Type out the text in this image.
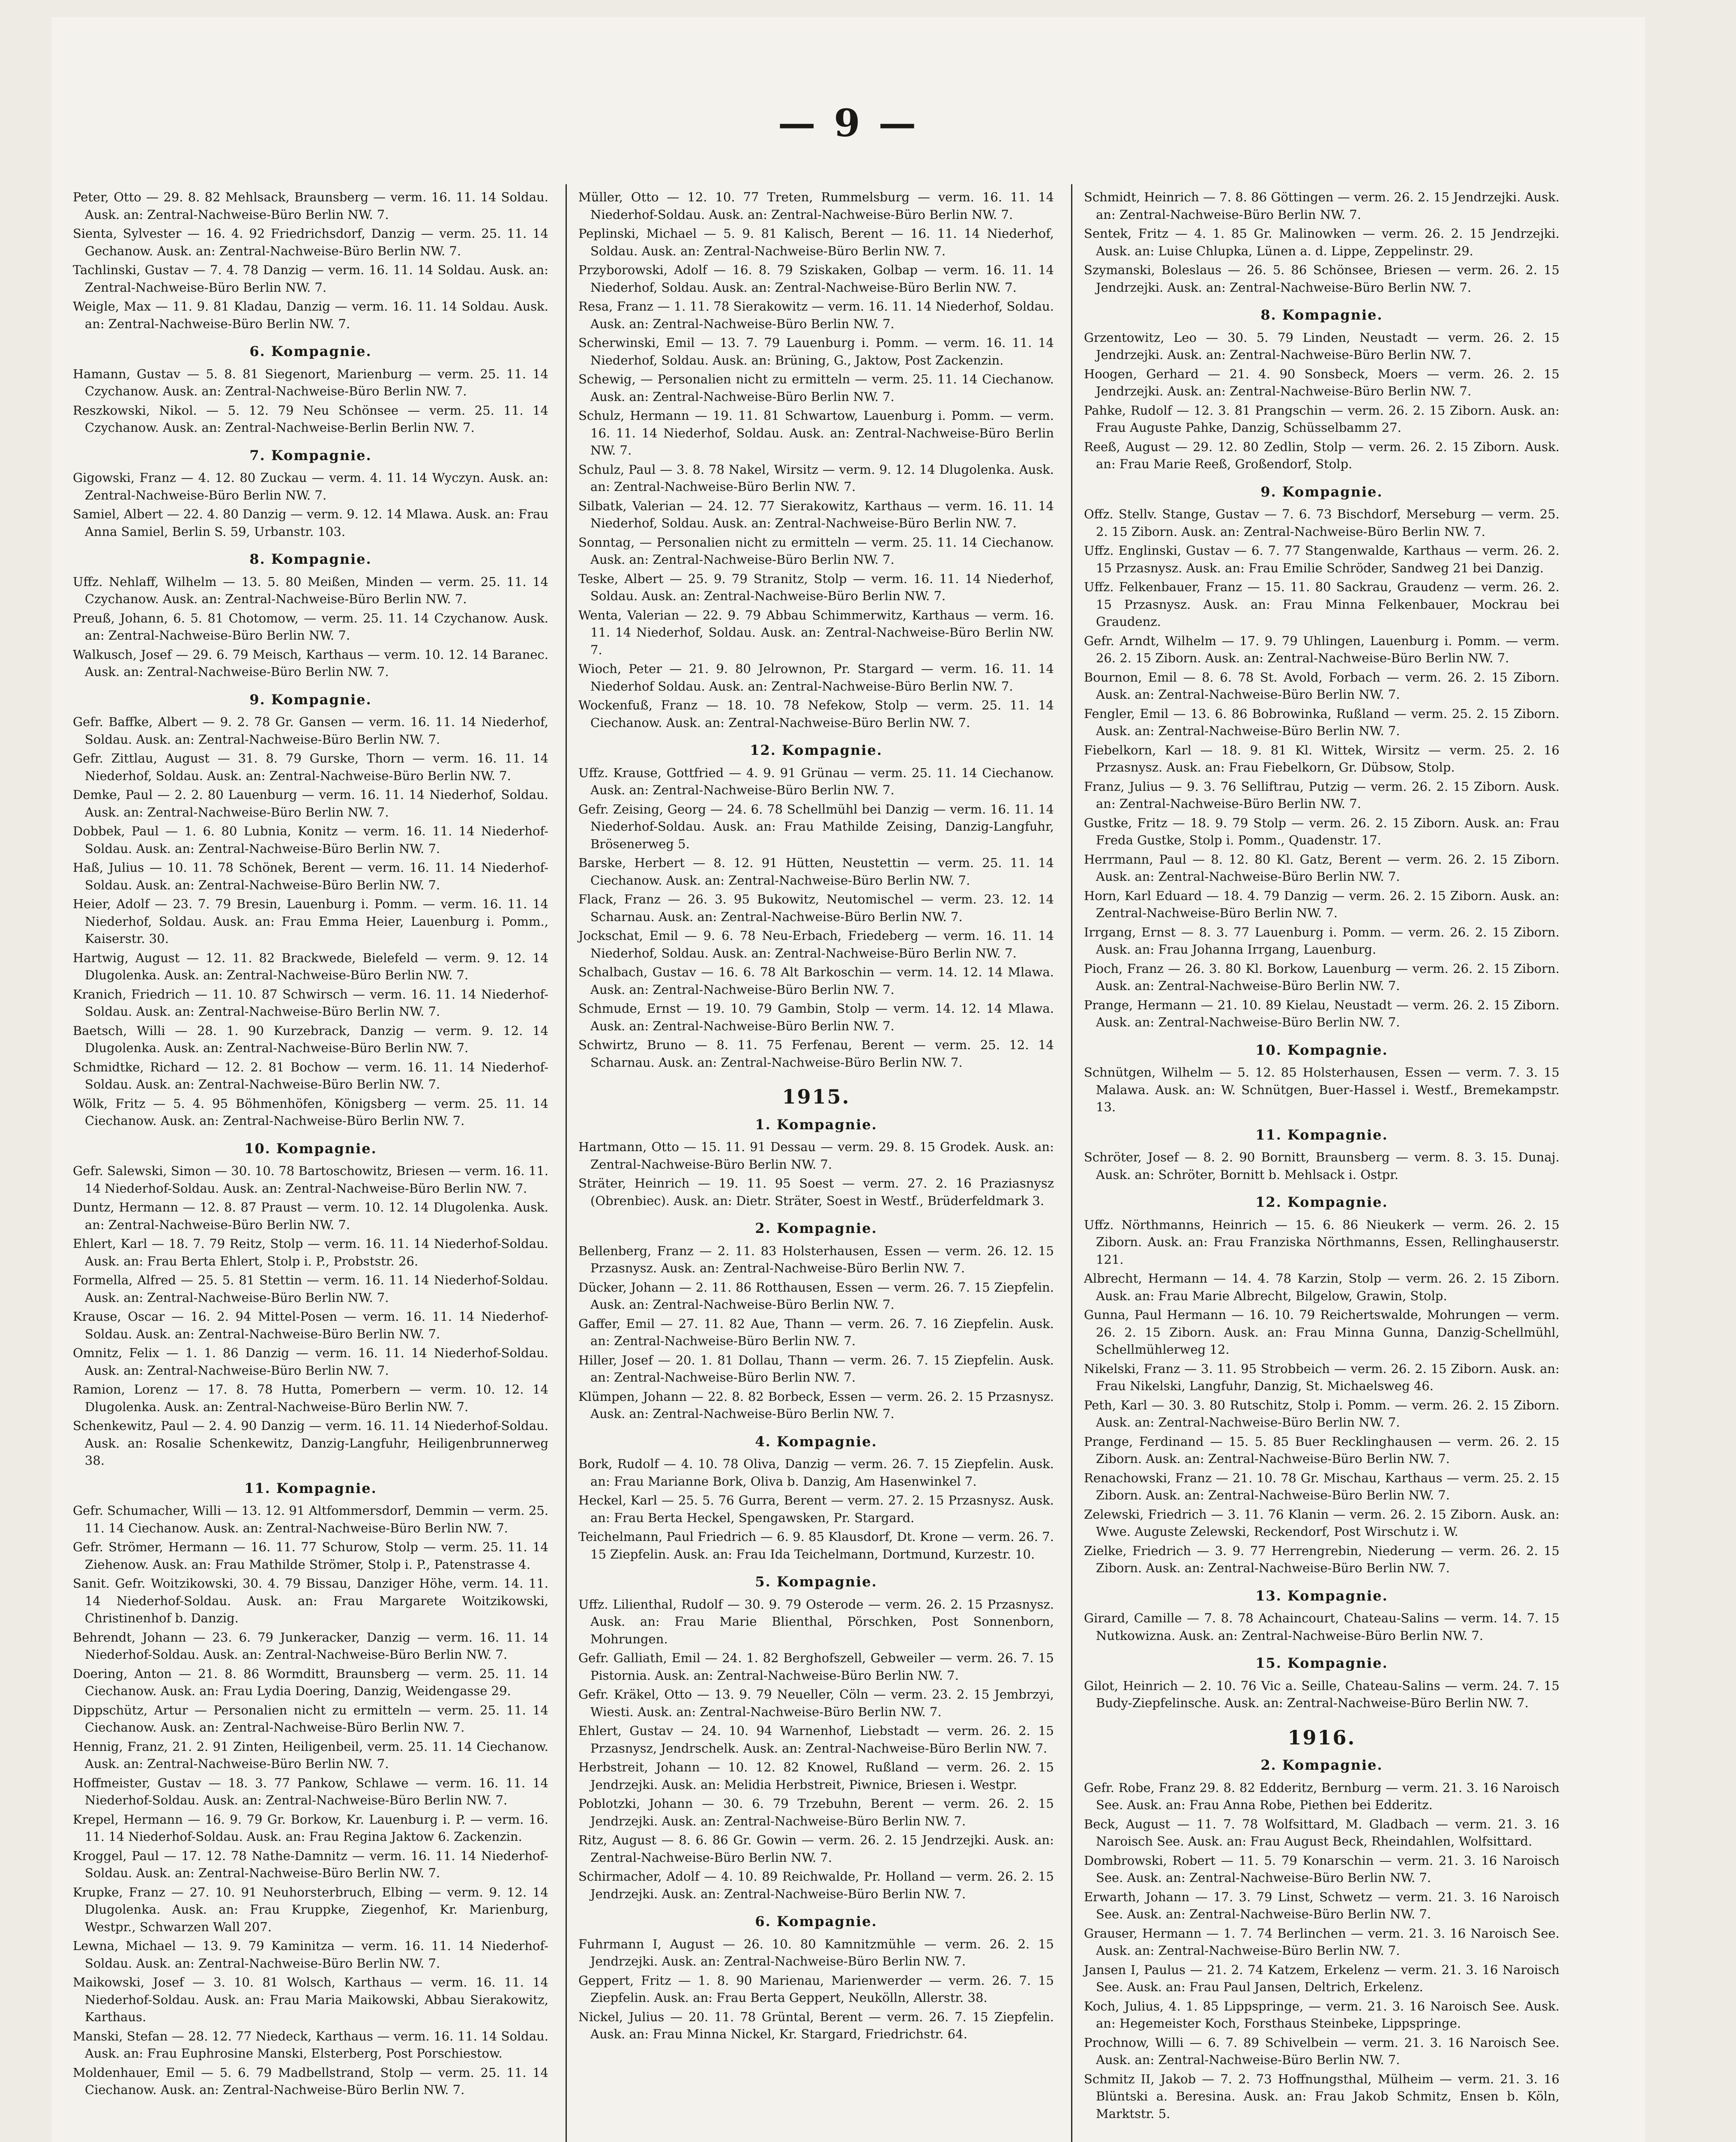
— 9 —
Peter, Otto — 29. 8. 82 Mehlsack, Braunsberg — verm. 16. 11. 14 Soldau. Ausk. an: Zentral-Nachweise-Büro Berlin NW. 7.
Sienta, Sylvester — 16. 4. 92 Friedrichsdorf, Danzig — verm. 25. 11. 14 Gechanow. Ausk. an: Zentral-Nachweise-Büro Berlin NW. 7.
Tachlinski, Gustav — 7. 4. 78 Danzig — verm. 16. 11. 14 Soldau. Ausk. an: Zentral-Nachweise-Büro Berlin NW. 7.
Weigle, Max — 11. 9. 81 Kladau, Danzig — verm. 16. 11. 14 Soldau. Ausk. an: Zentral-Nachweise-Büro Berlin NW. 7.
6. Kompagnie.
Hamann, Gustav — 5. 8. 81 Siegenort, Marienburg — verm. 25. 11. 14 Czychanow. Ausk. an: Zentral-Nachweise-Büro Berlin NW. 7.
Reszkowski, Nikol. — 5. 12. 79 Neu Schönsee — verm. 25. 11. 14 Czychanow. Ausk. an: Zentral-Nachweise-Berlin Berlin NW. 7.
7. Kompagnie.
Gigowski, Franz — 4. 12. 80 Zuckau — verm. 4. 11. 14 Wyczyn. Ausk. an: Zentral-Nachweise-Büro Berlin NW. 7.
Samiel, Albert — 22. 4. 80 Danzig — verm. 9. 12. 14 Mlawa. Ausk. an: Frau Anna Samiel, Berlin S. 59, Urbanstr. 103.
8. Kompagnie.
Uffz. Nehlaff, Wilhelm — 13. 5. 80 Meißen, Minden — verm. 25. 11. 14 Czychanow. Ausk. an: Zentral-Nachweise-Büro Berlin NW. 7.
Preuß, Johann, 6. 5. 81 Chotomow, — verm. 25. 11. 14 Czychanow. Ausk. an: Zentral-Nachweise-Büro Berlin NW. 7.
Walkusch, Josef — 29. 6. 79 Meisch, Karthaus — verm. 10. 12. 14 Baranec. Ausk. an: Zentral-Nachweise-Büro Berlin NW. 7.
9. Kompagnie.
Gefr. Baffke, Albert — 9. 2. 78 Gr. Gansen — verm. 16. 11. 14 Niederhof, Soldau. Ausk. an: Zentral-Nachweise-Büro Berlin NW. 7.
Gefr. Zittlau, August — 31. 8. 79 Gurske, Thorn — verm. 16. 11. 14 Niederhof, Soldau. Ausk. an: Zentral-Nachweise-Büro Berlin NW. 7.
Demke, Paul — 2. 2. 80 Lauenburg — verm. 16. 11. 14 Niederhof, Soldau. Ausk. an: Zentral-Nachweise-Büro Berlin NW. 7.
Dobbek, Paul — 1. 6. 80 Lubnia, Konitz — verm. 16. 11. 14 Niederhof-Soldau. Ausk. an: Zentral-Nachweise-Büro Berlin NW. 7.
Haß, Julius — 10. 11. 78 Schönek, Berent — verm. 16. 11. 14 Niederhof-Soldau. Ausk. an: Zentral-Nachweise-Büro Berlin NW. 7.
Heier, Adolf — 23. 7. 79 Bresin, Lauenburg i. Pomm. — verm. 16. 11. 14 Niederhof, Soldau. Ausk. an: Frau Emma Heier, Lauenburg i. Pomm., Kaiserstr. 30.
Hartwig, August — 12. 11. 82 Brackwede, Bielefeld — verm. 9. 12. 14 Dlugolenka. Ausk. an: Zentral-Nachweise-Büro Berlin NW. 7.
Kranich, Friedrich — 11. 10. 87 Schwirsch — verm. 16. 11. 14 Niederhof-Soldau. Ausk. an: Zentral-Nachweise-Büro Berlin NW. 7.
Baetsch, Willi — 28. 1. 90 Kurzebrack, Danzig — verm. 9. 12. 14 Dlugolenka. Ausk. an: Zentral-Nachweise-Büro Berlin NW. 7.
Schmidtke, Richard — 12. 2. 81 Bochow — verm. 16. 11. 14 Niederhof-Soldau. Ausk. an: Zentral-Nachweise-Büro Berlin NW. 7.
Wölk, Fritz — 5. 4. 95 Böhmenhöfen, Königsberg — verm. 25. 11. 14 Ciechanow. Ausk. an: Zentral-Nachweise-Büro Berlin NW. 7.
10. Kompagnie.
Gefr. Salewski, Simon — 30. 10. 78 Bartoschowitz, Briesen — verm. 16. 11. 14 Niederhof-Soldau. Ausk. an: Zentral-Nachweise-Büro Berlin NW. 7.
Duntz, Hermann — 12. 8. 87 Praust — verm. 10. 12. 14 Dlugolenka. Ausk. an: Zentral-Nachweise-Büro Berlin NW. 7.
Ehlert, Karl — 18. 7. 79 Reitz, Stolp — verm. 16. 11. 14 Niederhof-Soldau. Ausk. an: Frau Berta Ehlert, Stolp i. P., Probststr. 26.
Formella, Alfred — 25. 5. 81 Stettin — verm. 16. 11. 14 Niederhof-Soldau. Ausk. an: Zentral-Nachweise-Büro Berlin NW. 7.
Krause, Oscar — 16. 2. 94 Mittel-Posen — verm. 16. 11. 14 Niederhof-Soldau. Ausk. an: Zentral-Nachweise-Büro Berlin NW. 7.
Omnitz, Felix — 1. 1. 86 Danzig — verm. 16. 11. 14 Niederhof-Soldau. Ausk. an: Zentral-Nachweise-Büro Berlin NW. 7.
Ramion, Lorenz — 17. 8. 78 Hutta, Pomerbern — verm. 10. 12. 14 Dlugolenka. Ausk. an: Zentral-Nachweise-Büro Berlin NW. 7.
Schenkewitz, Paul — 2. 4. 90 Danzig — verm. 16. 11. 14 Niederhof-Soldau. Ausk. an: Rosalie Schenkewitz, Danzig-Langfuhr, Heiligenbrunnerweg 38.
11. Kompagnie.
Gefr. Schumacher, Willi — 13. 12. 91 Altfommersdorf, Demmin — verm. 25. 11. 14 Ciechanow. Ausk. an: Zentral-Nachweise-Büro Berlin NW. 7.
Gefr. Strömer, Hermann — 16. 11. 77 Schurow, Stolp — verm. 25. 11. 14 Ziehenow. Ausk. an: Frau Mathilde Strömer, Stolp i. P., Patenstrasse 4.
Sanit. Gefr. Woitzikowski, 30. 4. 79 Bissau, Danziger Höhe, verm. 14. 11. 14 Niederhof-Soldau. Ausk. an: Frau Margarete Woitzikowski, Christinenhof b. Danzig.
Behrendt, Johann — 23. 6. 79 Junkeracker, Danzig — verm. 16. 11. 14 Niederhof-Soldau. Ausk. an: Zentral-Nachweise-Büro Berlin NW. 7.
Doering, Anton — 21. 8. 86 Wormditt, Braunsberg — verm. 25. 11. 14 Ciechanow. Ausk. an: Frau Lydia Doering, Danzig, Weidengasse 29.
Dippschütz, Artur — Personalien nicht zu ermitteln — verm. 25. 11. 14 Ciechanow. Ausk. an: Zentral-Nachweise-Büro Berlin NW. 7.
Hennig, Franz, 21. 2. 91 Zinten, Heiligenbeil, verm. 25. 11. 14 Ciechanow. Ausk. an: Zentral-Nachweise-Büro Berlin NW. 7.
Hoffmeister, Gustav — 18. 3. 77 Pankow, Schlawe — verm. 16. 11. 14 Niederhof-Soldau. Ausk. an: Zentral-Nachweise-Büro Berlin NW. 7.
Krepel, Hermann — 16. 9. 79 Gr. Borkow, Kr. Lauenburg i. P. — verm. 16. 11. 14 Niederhof-Soldau. Ausk. an: Frau Regina Jaktow 6. Zackenzin.
Kroggel, Paul — 17. 12. 78 Nathe-Damnitz — verm. 16. 11. 14 Niederhof-Soldau. Ausk. an: Zentral-Nachweise-Büro Berlin NW. 7.
Krupke, Franz — 27. 10. 91 Neuhorsterbruch, Elbing — verm. 9. 12. 14 Dlugolenka. Ausk. an: Frau Kruppke, Ziegenhof, Kr. Marienburg, Westpr., Schwarzen Wall 207.
Lewna, Michael — 13. 9. 79 Kaminitza — verm. 16. 11. 14 Niederhof-Soldau. Ausk. an: Zentral-Nachweise-Büro Berlin NW. 7.
Maikowski, Josef — 3. 10. 81 Wolsch, Karthaus — verm. 16. 11. 14 Niederhof-Soldau. Ausk. an: Frau Maria Maikowski, Abbau Sierakowitz, Karthaus.
Manski, Stefan — 28. 12. 77 Niedeck, Karthaus — verm. 16. 11. 14 Soldau. Ausk. an: Frau Euphrosine Manski, Elsterberg, Post Porschiestow.
Moldenhauer, Emil — 5. 6. 79 Madbellstrand, Stolp — verm. 25. 11. 14 Ciechanow. Ausk. an: Zentral-Nachweise-Büro Berlin NW. 7.
Müller, Otto — 12. 10. 77 Treten, Rummelsburg — verm. 16. 11. 14 Niederhof-Soldau. Ausk. an: Zentral-Nachweise-Büro Berlin NW. 7.
Peplinski, Michael — 5. 9. 81 Kalisch, Berent — 16. 11. 14 Niederhof, Soldau. Ausk. an: Zentral-Nachweise-Büro Berlin NW. 7.
Przyborowski, Adolf — 16. 8. 79 Sziskaken, Golbap — verm. 16. 11. 14 Niederhof, Soldau. Ausk. an: Zentral-Nachweise-Büro Berlin NW. 7.
Resa, Franz — 1. 11. 78 Sierakowitz — verm. 16. 11. 14 Niederhof, Soldau. Ausk. an: Zentral-Nachweise-Büro Berlin NW. 7.
Scherwinski, Emil — 13. 7. 79 Lauenburg i. Pomm. — verm. 16. 11. 14 Niederhof, Soldau. Ausk. an: Brüning, G., Jaktow, Post Zackenzin.
Schewig, — Personalien nicht zu ermitteln — verm. 25. 11. 14 Ciechanow. Ausk. an: Zentral-Nachweise-Büro Berlin NW. 7.
Schulz, Hermann — 19. 11. 81 Schwartow, Lauenburg i. Pomm. — verm. 16. 11. 14 Niederhof, Soldau. Ausk. an: Zentral-Nachweise-Büro Berlin NW. 7.
Schulz, Paul — 3. 8. 78 Nakel, Wirsitz — verm. 9. 12. 14 Dlugolenka. Ausk. an: Zentral-Nachweise-Büro Berlin NW. 7.
Silbatk, Valerian — 24. 12. 77 Sierakowitz, Karthaus — verm. 16. 11. 14 Niederhof, Soldau. Ausk. an: Zentral-Nachweise-Büro Berlin NW. 7.
Sonntag, — Personalien nicht zu ermitteln — verm. 25. 11. 14 Ciechanow. Ausk. an: Zentral-Nachweise-Büro Berlin NW. 7.
Teske, Albert — 25. 9. 79 Stranitz, Stolp — verm. 16. 11. 14 Niederhof, Soldau. Ausk. an: Zentral-Nachweise-Büro Berlin NW. 7.
Wenta, Valerian — 22. 9. 79 Abbau Schimmerwitz, Karthaus — verm. 16. 11. 14 Niederhof, Soldau. Ausk. an: Zentral-Nachweise-Büro Berlin NW. 7.
Wioch, Peter — 21. 9. 80 Jelrownon, Pr. Stargard — verm. 16. 11. 14 Niederhof Soldau. Ausk. an: Zentral-Nachweise-Büro Berlin NW. 7.
Wockenfuß, Franz — 18. 10. 78 Nefekow, Stolp — verm. 25. 11. 14 Ciechanow. Ausk. an: Zentral-Nachweise-Büro Berlin NW. 7.
12. Kompagnie.
Uffz. Krause, Gottfried — 4. 9. 91 Grünau — verm. 25. 11. 14 Ciechanow. Ausk. an: Zentral-Nachweise-Büro Berlin NW. 7.
Gefr. Zeising, Georg — 24. 6. 78 Schellmühl bei Danzig — verm. 16. 11. 14 Niederhof-Soldau. Ausk. an: Frau Mathilde Zeising, Danzig-Langfuhr, Brösenerweg 5.
Barske, Herbert — 8. 12. 91 Hütten, Neustettin — verm. 25. 11. 14 Ciechanow. Ausk. an: Zentral-Nachweise-Büro Berlin NW. 7.
Flack, Franz — 26. 3. 95 Bukowitz, Neutomischel — verm. 23. 12. 14 Scharnau. Ausk. an: Zentral-Nachweise-Büro Berlin NW. 7.
Jockschat, Emil — 9. 6. 78 Neu-Erbach, Friedeberg — verm. 16. 11. 14 Niederhof, Soldau. Ausk. an: Zentral-Nachweise-Büro Berlin NW. 7.
Schalbach, Gustav — 16. 6. 78 Alt Barkoschin — verm. 14. 12. 14 Mlawa. Ausk. an: Zentral-Nachweise-Büro Berlin NW. 7.
Schmude, Ernst — 19. 10. 79 Gambin, Stolp — verm. 14. 12. 14 Mlawa. Ausk. an: Zentral-Nachweise-Büro Berlin NW. 7.
Schwirtz, Bruno — 8. 11. 75 Ferfenau, Berent — verm. 25. 12. 14 Scharnau. Ausk. an: Zentral-Nachweise-Büro Berlin NW. 7.
1915.
1. Kompagnie.
Hartmann, Otto — 15. 11. 91 Dessau — verm. 29. 8. 15 Grodek. Ausk. an: Zentral-Nachweise-Büro Berlin NW. 7.
Sträter, Heinrich — 19. 11. 95 Soest — verm. 27. 2. 16 Praziasnysz (Obrenbiec). Ausk. an: Dietr. Sträter, Soest in Westf., Brüderfeldmark 3.
2. Kompagnie.
Bellenberg, Franz — 2. 11. 83 Holsterhausen, Essen — verm. 26. 12. 15 Przasnysz. Ausk. an: Zentral-Nachweise-Büro Berlin NW. 7.
Dücker, Johann — 2. 11. 86 Rotthausen, Essen — verm. 26. 7. 15 Ziepfelin. Ausk. an: Zentral-Nachweise-Büro Berlin NW. 7.
Gaffer, Emil — 27. 11. 82 Aue, Thann — verm. 26. 7. 16 Ziepfelin. Ausk. an: Zentral-Nachweise-Büro Berlin NW. 7.
Hiller, Josef — 20. 1. 81 Dollau, Thann — verm. 26. 7. 15 Ziepfelin. Ausk. an: Zentral-Nachweise-Büro Berlin NW. 7.
Klümpen, Johann — 22. 8. 82 Borbeck, Essen — verm. 26. 2. 15 Przasnysz. Ausk. an: Zentral-Nachweise-Büro Berlin NW. 7.
4. Kompagnie.
Bork, Rudolf — 4. 10. 78 Oliva, Danzig — verm. 26. 7. 15 Ziepfelin. Ausk. an: Frau Marianne Bork, Oliva b. Danzig, Am Hasenwinkel 7.
Heckel, Karl — 25. 5. 76 Gurra, Berent — verm. 27. 2. 15 Przasnysz. Ausk. an: Frau Berta Heckel, Spengawsken, Pr. Stargard.
Teichelmann, Paul Friedrich — 6. 9. 85 Klausdorf, Dt. Krone — verm. 26. 7. 15 Ziepfelin. Ausk. an: Frau Ida Teichelmann, Dortmund, Kurzestr. 10.
5. Kompagnie.
Uffz. Lilienthal, Rudolf — 30. 9. 79 Osterode — verm. 26. 2. 15 Przasnysz. Ausk. an: Frau Marie Blienthal, Pörschken, Post Sonnenborn, Mohrungen.
Gefr. Galliath, Emil — 24. 1. 82 Berghofszell, Gebweiler — verm. 26. 7. 15 Pistornia. Ausk. an: Zentral-Nachweise-Büro Berlin NW. 7.
Gefr. Kräkel, Otto — 13. 9. 79 Neueller, Cöln — verm. 23. 2. 15 Jembrzyi, Wiesti. Ausk. an: Zentral-Nachweise-Büro Berlin NW. 7.
Ehlert, Gustav — 24. 10. 94 Warnenhof, Liebstadt — verm. 26. 2. 15 Przasnysz, Jendrschelk. Ausk. an: Zentral-Nachweise-Büro Berlin NW. 7.
Herbstreit, Johann — 10. 12. 82 Knowel, Rußland — verm. 26. 2. 15 Jendrzejki. Ausk. an: Melidia Herbstreit, Piwnice, Briesen i. Westpr.
Poblotzki, Johann — 30. 6. 79 Trzebuhn, Berent — verm. 26. 2. 15 Jendrzejki. Ausk. an: Zentral-Nachweise-Büro Berlin NW. 7.
Ritz, August — 8. 6. 86 Gr. Gowin — verm. 26. 2. 15 Jendrzejki. Ausk. an: Zentral-Nachweise-Büro Berlin NW. 7.
Schirmacher, Adolf — 4. 10. 89 Reichwalde, Pr. Holland — verm. 26. 2. 15 Jendrzejki. Ausk. an: Zentral-Nachweise-Büro Berlin NW. 7.
6. Kompagnie.
Fuhrmann I, August — 26. 10. 80 Kamnitzmühle — verm. 26. 2. 15 Jendrzejki. Ausk. an: Zentral-Nachweise-Büro Berlin NW. 7.
Geppert, Fritz — 1. 8. 90 Marienau, Marienwerder — verm. 26. 7. 15 Ziepfelin. Ausk. an: Frau Berta Geppert, Neukölln, Allerstr. 38.
Nickel, Julius — 20. 11. 78 Grüntal, Berent — verm. 26. 7. 15 Ziepfelin. Ausk. an: Frau Minna Nickel, Kr. Stargard, Friedrichstr. 64.
Schmidt, Heinrich — 7. 8. 86 Göttingen — verm. 26. 2. 15 Jendrzejki. Ausk. an: Zentral-Nachweise-Büro Berlin NW. 7.
Sentek, Fritz — 4. 1. 85 Gr. Malinowken — verm. 26. 2. 15 Jendrzejki. Ausk. an: Luise Chlupka, Lünen a. d. Lippe, Zeppelinstr. 29.
Szymanski, Boleslaus — 26. 5. 86 Schönsee, Briesen — verm. 26. 2. 15 Jendrzejki. Ausk. an: Zentral-Nachweise-Büro Berlin NW. 7.
8. Kompagnie.
Grzentowitz, Leo — 30. 5. 79 Linden, Neustadt — verm. 26. 2. 15 Jendrzejki. Ausk. an: Zentral-Nachweise-Büro Berlin NW. 7.
Hoogen, Gerhard — 21. 4. 90 Sonsbeck, Moers — verm. 26. 2. 15 Jendrzejki. Ausk. an: Zentral-Nachweise-Büro Berlin NW. 7.
Pahke, Rudolf — 12. 3. 81 Prangschin — verm. 26. 2. 15 Ziborn. Ausk. an: Frau Auguste Pahke, Danzig, Schüsselbamm 27.
Reeß, August — 29. 12. 80 Zedlin, Stolp — verm. 26. 2. 15 Ziborn. Ausk. an: Frau Marie Reeß, Großendorf, Stolp.
9. Kompagnie.
Offz. Stellv. Stange, Gustav — 7. 6. 73 Bischdorf, Merseburg — verm. 25. 2. 15 Ziborn. Ausk. an: Zentral-Nachweise-Büro Berlin NW. 7.
Uffz. Englinski, Gustav — 6. 7. 77 Stangenwalde, Karthaus — verm. 26. 2. 15 Przasnysz. Ausk. an: Frau Emilie Schröder, Sandweg 21 bei Danzig.
Uffz. Felkenbauer, Franz — 15. 11. 80 Sackrau, Graudenz — verm. 26. 2. 15 Przasnysz. Ausk. an: Frau Minna Felkenbauer, Mockrau bei Graudenz.
Gefr. Arndt, Wilhelm — 17. 9. 79 Uhlingen, Lauenburg i. Pomm. — verm. 26. 2. 15 Ziborn. Ausk. an: Zentral-Nachweise-Büro Berlin NW. 7.
Bournon, Emil — 8. 6. 78 St. Avold, Forbach — verm. 26. 2. 15 Ziborn. Ausk. an: Zentral-Nachweise-Büro Berlin NW. 7.
Fengler, Emil — 13. 6. 86 Bobrowinka, Rußland — verm. 25. 2. 15 Ziborn. Ausk. an: Zentral-Nachweise-Büro Berlin NW. 7.
Fiebelkorn, Karl — 18. 9. 81 Kl. Wittek, Wirsitz — verm. 25. 2. 16 Przasnysz. Ausk. an: Frau Fiebelkorn, Gr. Dübsow, Stolp.
Franz, Julius — 9. 3. 76 Selliftrau, Putzig — verm. 26. 2. 15 Ziborn. Ausk. an: Zentral-Nachweise-Büro Berlin NW. 7.
Gustke, Fritz — 18. 9. 79 Stolp — verm. 26. 2. 15 Ziborn. Ausk. an: Frau Freda Gustke, Stolp i. Pomm., Quadenstr. 17.
Herrmann, Paul — 8. 12. 80 Kl. Gatz, Berent — verm. 26. 2. 15 Ziborn. Ausk. an: Zentral-Nachweise-Büro Berlin NW. 7.
Horn, Karl Eduard — 18. 4. 79 Danzig — verm. 26. 2. 15 Ziborn. Ausk. an: Zentral-Nachweise-Büro Berlin NW. 7.
Irrgang, Ernst — 8. 3. 77 Lauenburg i. Pomm. — verm. 26. 2. 15 Ziborn. Ausk. an: Frau Johanna Irrgang, Lauenburg.
Pioch, Franz — 26. 3. 80 Kl. Borkow, Lauenburg — verm. 26. 2. 15 Ziborn. Ausk. an: Zentral-Nachweise-Büro Berlin NW. 7.
Prange, Hermann — 21. 10. 89 Kielau, Neustadt — verm. 26. 2. 15 Ziborn. Ausk. an: Zentral-Nachweise-Büro Berlin NW. 7.
10. Kompagnie.
Schnütgen, Wilhelm — 5. 12. 85 Holsterhausen, Essen — verm. 7. 3. 15 Malawa. Ausk. an: W. Schnütgen, Buer-Hassel i. Westf., Bremekampstr. 13.
11. Kompagnie.
Schröter, Josef — 8. 2. 90 Bornitt, Braunsberg — verm. 8. 3. 15. Dunaj. Ausk. an: Schröter, Bornitt b. Mehlsack i. Ostpr.
12. Kompagnie.
Uffz. Nörthmanns, Heinrich — 15. 6. 86 Nieukerk — verm. 26. 2. 15 Ziborn. Ausk. an: Frau Franziska Nörthmanns, Essen, Rellinghauserstr. 121.
Albrecht, Hermann — 14. 4. 78 Karzin, Stolp — verm. 26. 2. 15 Ziborn. Ausk. an: Frau Marie Albrecht, Bilgelow, Grawin, Stolp.
Gunna, Paul Hermann — 16. 10. 79 Reichertswalde, Mohrungen — verm. 26. 2. 15 Ziborn. Ausk. an: Frau Minna Gunna, Danzig-Schellmühl, Schellmühlerweg 12.
Nikelski, Franz — 3. 11. 95 Strobbeich — verm. 26. 2. 15 Ziborn. Ausk. an: Frau Nikelski, Langfuhr, Danzig, St. Michaelsweg 46.
Peth, Karl — 30. 3. 80 Rutschitz, Stolp i. Pomm. — verm. 26. 2. 15 Ziborn. Ausk. an: Zentral-Nachweise-Büro Berlin NW. 7.
Prange, Ferdinand — 15. 5. 85 Buer Recklinghausen — verm. 26. 2. 15 Ziborn. Ausk. an: Zentral-Nachweise-Büro Berlin NW. 7.
Renachowski, Franz — 21. 10. 78 Gr. Mischau, Karthaus — verm. 25. 2. 15 Ziborn. Ausk. an: Zentral-Nachweise-Büro Berlin NW. 7.
Zelewski, Friedrich — 3. 11. 76 Klanin — verm. 26. 2. 15 Ziborn. Ausk. an: Wwe. Auguste Zelewski, Reckendorf, Post Wirschutz i. W.
Zielke, Friedrich — 3. 9. 77 Herrengrebin, Niederung — verm. 26. 2. 15 Ziborn. Ausk. an: Zentral-Nachweise-Büro Berlin NW. 7.
13. Kompagnie.
Girard, Camille — 7. 8. 78 Achaincourt, Chateau-Salins — verm. 14. 7. 15 Nutkowizna. Ausk. an: Zentral-Nachweise-Büro Berlin NW. 7.
15. Kompagnie.
Gilot, Heinrich — 2. 10. 76 Vic a. Seille, Chateau-Salins — verm. 24. 7. 15 Budy-Ziepfelinsche. Ausk. an: Zentral-Nachweise-Büro Berlin NW. 7.
1916.
2. Kompagnie.
Gefr. Robe, Franz 29. 8. 82 Edderitz, Bernburg — verm. 21. 3. 16 Naroisch See. Ausk. an: Frau Anna Robe, Piethen bei Edderitz.
Beck, August — 11. 7. 78 Wolfsittard, M. Gladbach — verm. 21. 3. 16 Naroisch See. Ausk. an: Frau August Beck, Rheindahlen, Wolfsittard.
Dombrowski, Robert — 11. 5. 79 Konarschin — verm. 21. 3. 16 Naroisch See. Ausk. an: Zentral-Nachweise-Büro Berlin NW. 7.
Erwarth, Johann — 17. 3. 79 Linst, Schwetz — verm. 21. 3. 16 Naroisch See. Ausk. an: Zentral-Nachweise-Büro Berlin NW. 7.
Grauser, Hermann — 1. 7. 74 Berlinchen — verm. 21. 3. 16 Naroisch See. Ausk. an: Zentral-Nachweise-Büro Berlin NW. 7.
Jansen I, Paulus — 21. 2. 74 Katzem, Erkelenz — verm. 21. 3. 16 Naroisch See. Ausk. an: Frau Paul Jansen, Deltrich, Erkelenz.
Koch, Julius, 4. 1. 85 Lippspringe, — verm. 21. 3. 16 Naroisch See. Ausk. an: Hegemeister Koch, Forsthaus Steinbeke, Lippspringe.
Prochnow, Willi — 6. 7. 89 Schivelbein — verm. 21. 3. 16 Naroisch See. Ausk. an: Zentral-Nachweise-Büro Berlin NW. 7.
Schmitz II, Jakob — 7. 2. 73 Hoffnungsthal, Mülheim — verm. 21. 3. 16 Blüntski a. Beresina. Ausk. an: Frau Jakob Schmitz, Ensen b. Köln, Marktstr. 5.
